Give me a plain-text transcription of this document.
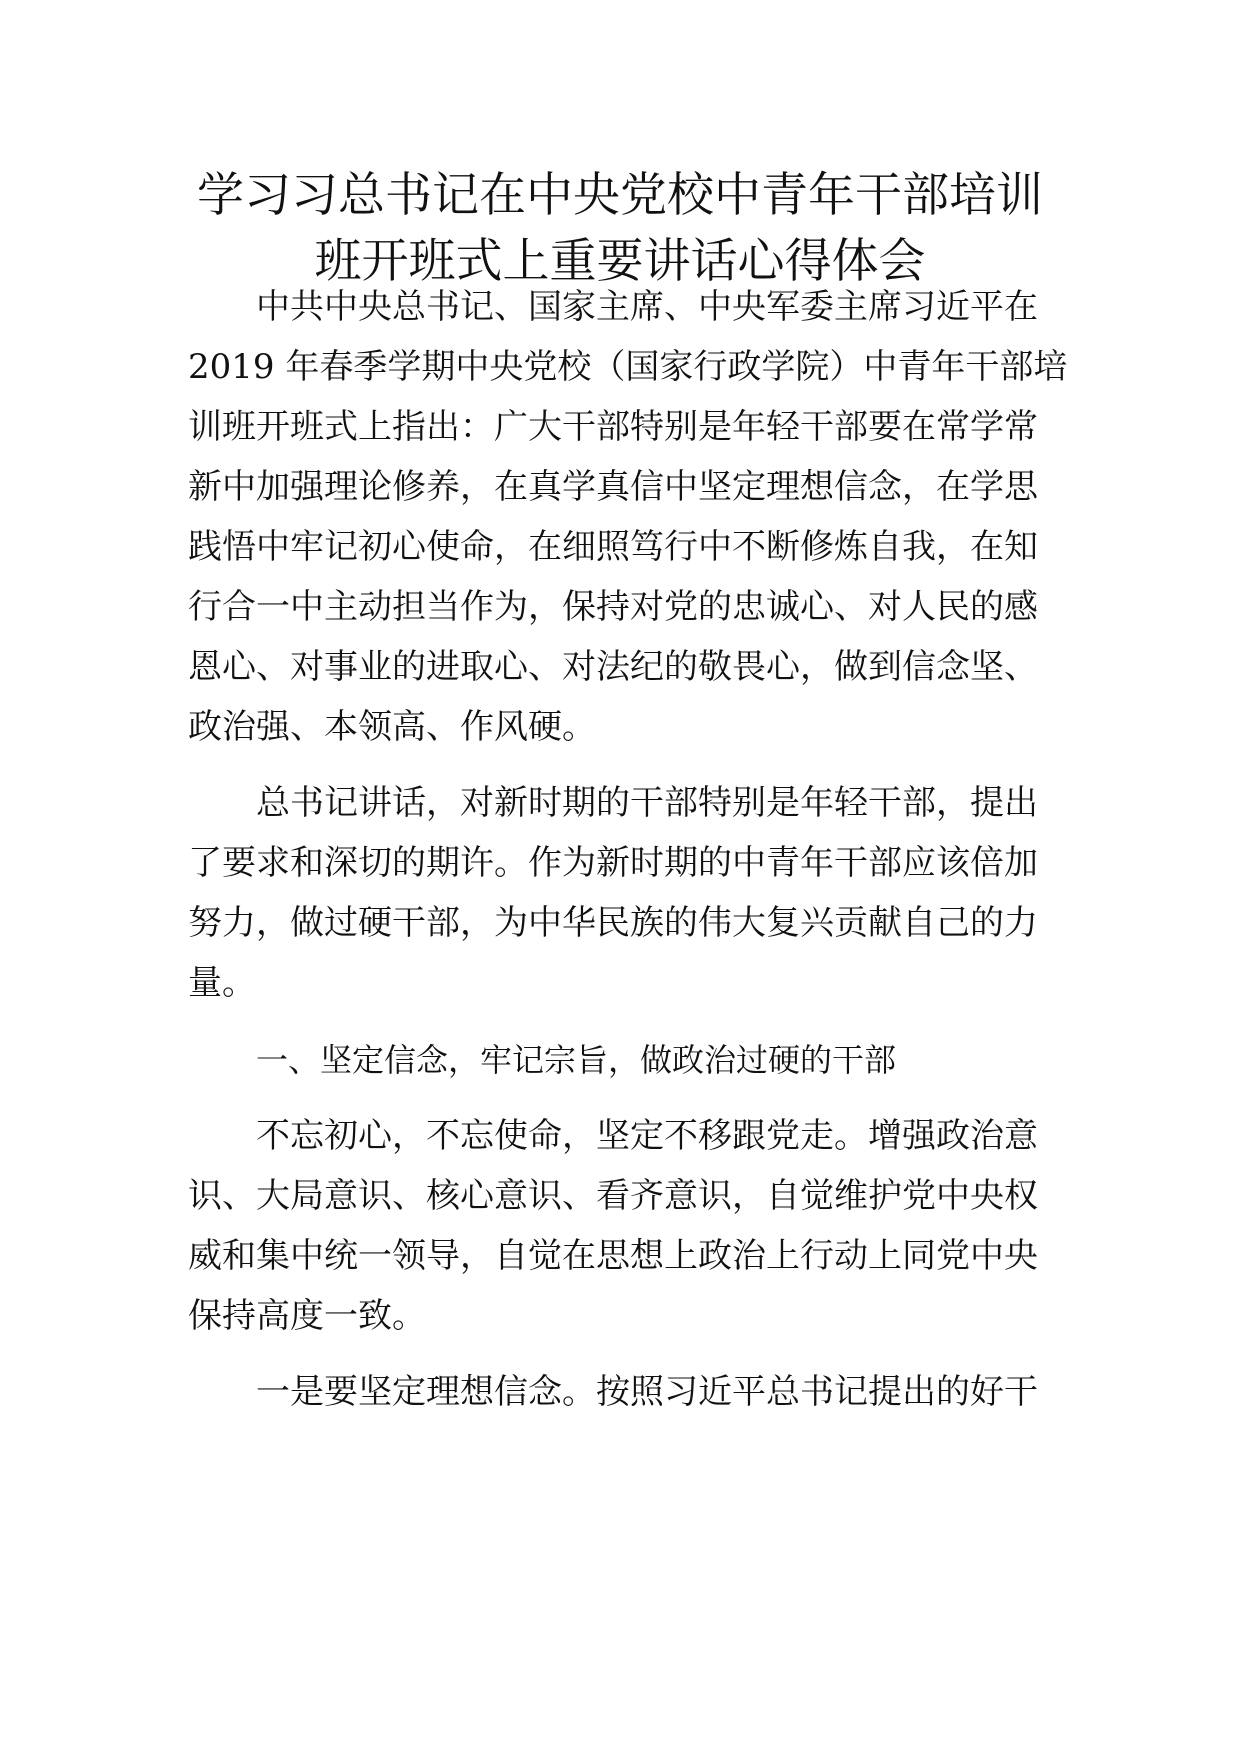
学习习总书记在中央党校中青年干部培训
班开班式上重要讲话心得体会

中共中央总书记、国家主席、中央军委主席习近平在

2019 年春季学期中央党校（国家行政学院）中青年干部培

训班开班式上指出：广大干部特别是年轻干部要在常学常

新中加强理论修养，在真学真信中坚定理想信念，在学思

践悟中牢记初心使命，在细照笃行中不断修炼自我，在知

行合一中主动担当作为，保持对党的忠诚心、对人民的感

恩心、对事业的进取心、对法纪的敬畏心，做到信念坚、

政治强、本领高、作风硬。

总书记讲话，对新时期的干部特别是年轻干部，提出

了要求和深切的期许。作为新时期的中青年干部应该倍加

努力，做过硬干部，为中华民族的伟大复兴贡献自己的力

量。

一、坚定信念，牢记宗旨，做政治过硬的干部

不忘初心，不忘使命，坚定不移跟党走。增强政治意

识、大局意识、核心意识、看齐意识，自觉维护党中央权

威和集中统一领导，自觉在思想上政治上行动上同党中央

保持高度一致。

一是要坚定理想信念。按照习近平总书记提出的好干
